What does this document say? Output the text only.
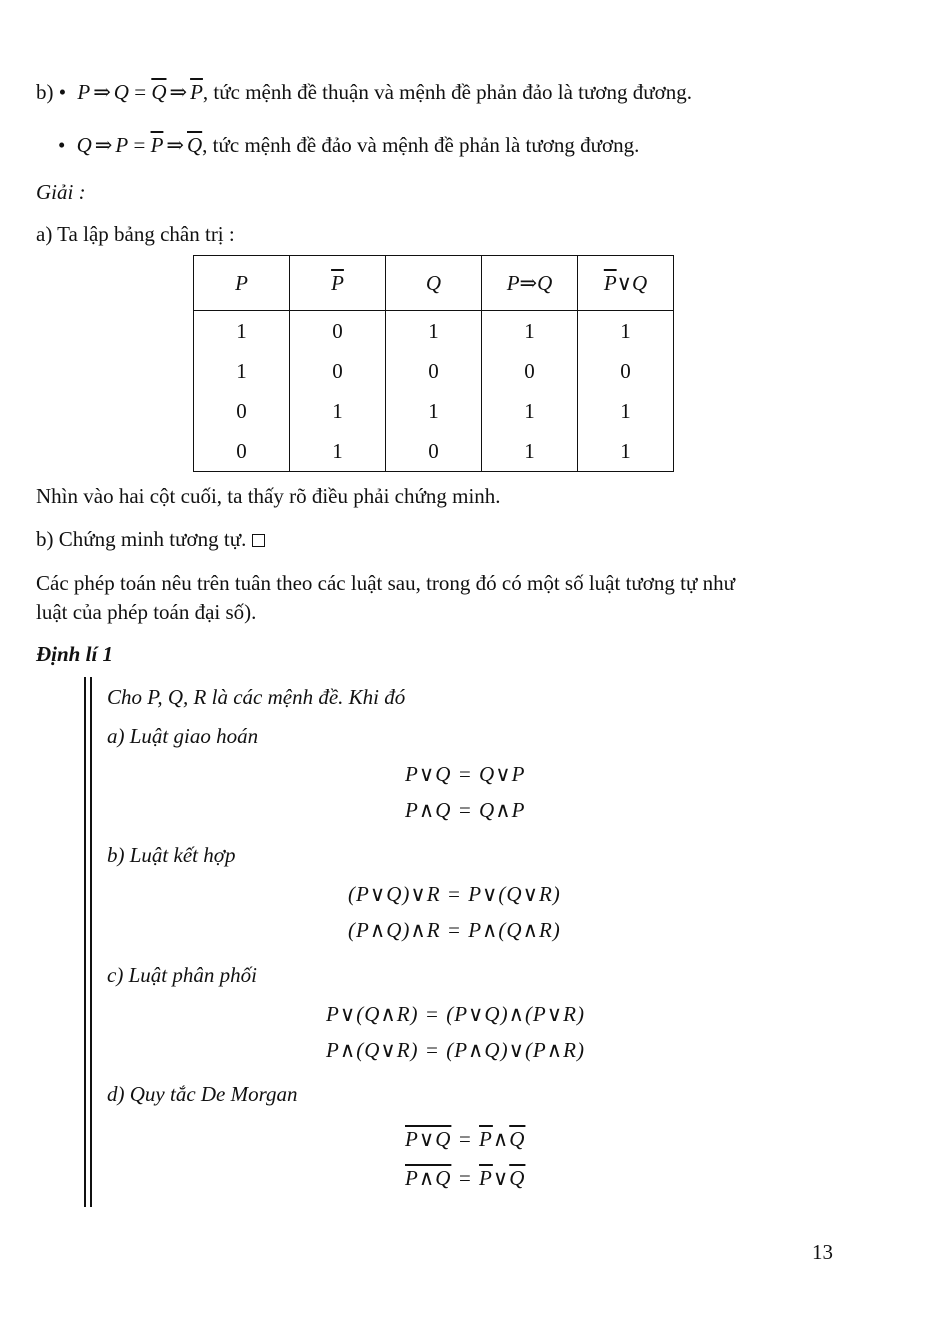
b) • P ⇒ $Q = \overline{Q}$ ⇒ $\overline{P}$, tức mệnh đề thuận và mệnh đề phản đảo là tương đương.
• Q ⇒ $P = \overline{P}$ ⇒ $\overline{Q}$, tức mệnh đề đảo và mệnh đề phản là tương đương.
Giải :
a) Ta lập bảng chân trị :
P	$\overline{P}$	Q	P⇒Q	$\overline{P}\vee Q$
1	0	1	1	1
1	0	0	0	0
0	1	1	1	1
0	1	0	1	1
Nhìn vào hai cột cuối, ta thấy rõ điều phải chứng minh.
b) Chứng minh tương tự.
Các phép toán nêu trên tuân theo các luật sau, trong đó có một số luật tương tự như
luật của phép toán đại số).
Định lí 1
Cho P, Q, R là các mệnh đề. Khi đó
a) Luật giao hoán
P∨Q = Q∨P
P∧Q = Q∧P
b) Luật kết hợp
(P∨Q)∨R = P∨(Q∨R)
(P∧Q)∧R = P∧(Q∧R)
c) Luật phân phối
P∨(Q∧R) = (P∨Q)∧(P∨R)
P∧(Q∨R) = (P∧Q)∨(P∧R)
d) Quy tắc De Morgan
P∨Q = $\overline{P}\wedge\overline{Q}$
P∧Q = $\overline{P}\vee\overline{Q}$
13
